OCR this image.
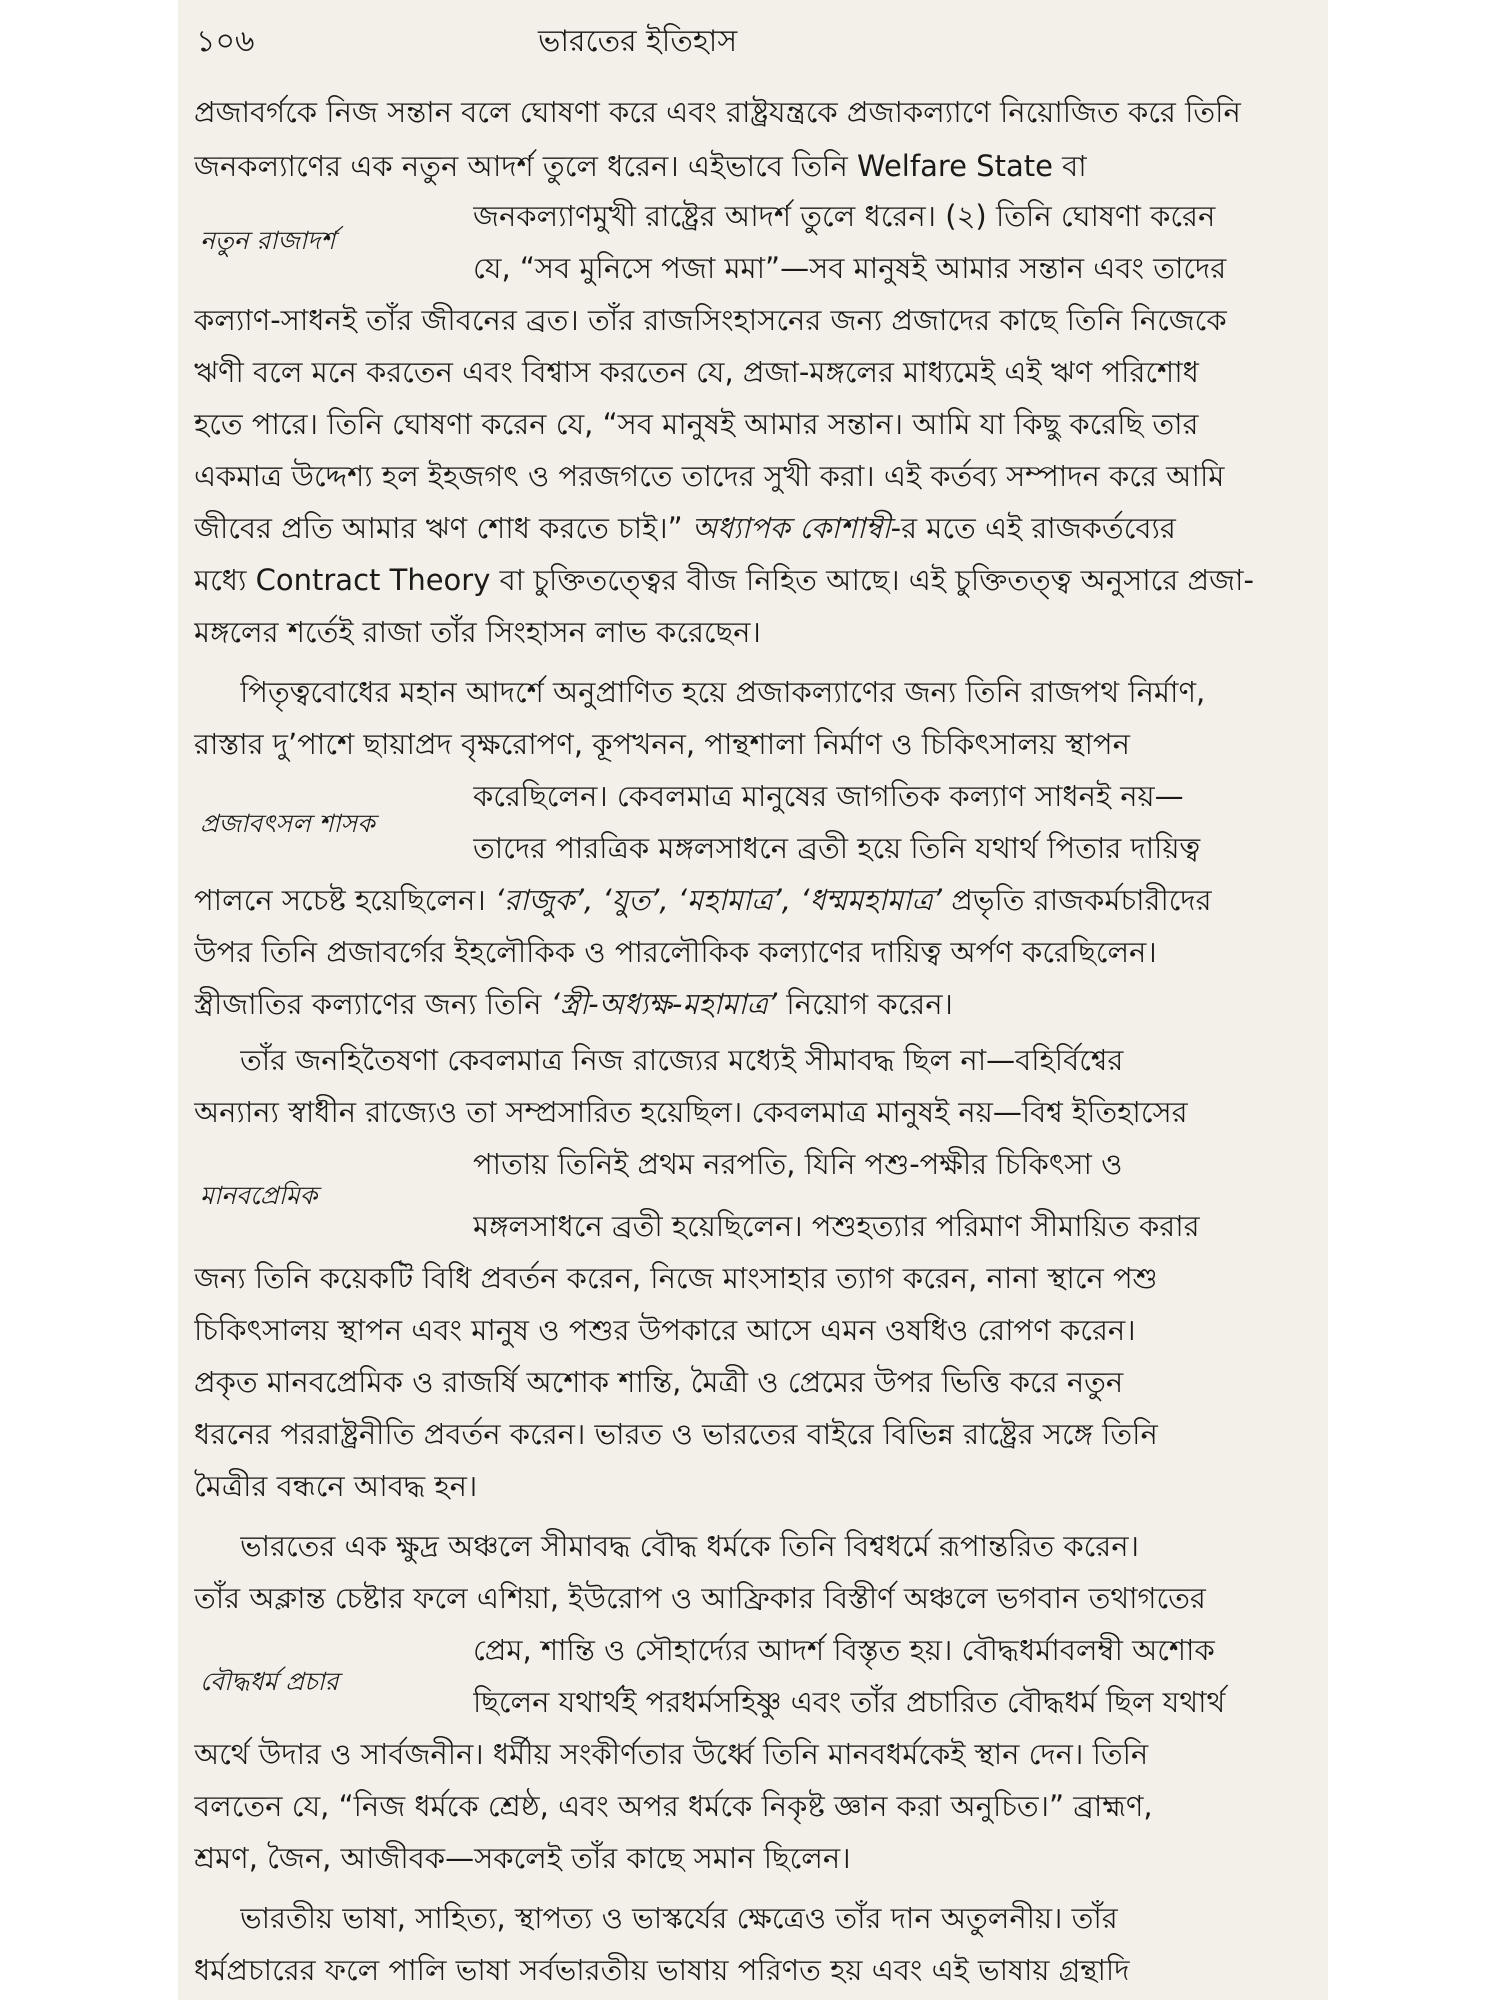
১০৬	ভারতের ইতিহাস
নতুন রাজাদর্শ
প্রজাবৎসল শাসক
মানবপ্রেমিক
বৌদ্ধধর্ম প্রচার
প্রজাবর্গকে নিজ সন্তান বলে ঘোষণা করে এবং রাষ্ট্রযন্ত্রকে প্রজাকল্যাণে নিয়োজিত করে তিনি
জনকল্যাণের এক নতুন আদর্শ তুলে ধরেন। এইভাবে তিনি Welfare State বা
জনকল্যাণমুখী রাষ্ট্রের আদর্শ তুলে ধরেন। (২) তিনি ঘোষণা করেন
যে, “সব মুনিসে পজা মমা”—সব মানুষই আমার সন্তান এবং তাদের
কল্যাণ-সাধনই তাঁর জীবনের ব্রত। তাঁর রাজসিংহাসনের জন্য প্রজাদের কাছে তিনি নিজেকে
ঋণী বলে মনে করতেন এবং বিশ্বাস করতেন যে, প্রজা-মঙ্গলের মাধ্যমেই এই ঋণ পরিশোধ
হতে পারে। তিনি ঘোষণা করেন যে, “সব মানুষই আমার সন্তান। আমি যা কিছু করেছি তার
একমাত্র উদ্দেশ্য হল ইহজগৎ ও পরজগতে তাদের সুখী করা। এই কর্তব্য সম্পাদন করে আমি
জীবের প্রতি আমার ঋণ শোধ করতে চাই।” অধ্যাপক কোশাম্বী-র মতে এই রাজকর্তব্যের
মধ্যে Contract Theory বা চুক্তিতত্ত্বের বীজ নিহিত আছে। এই চুক্তিতত্ত্ব অনুসারে প্রজা-
মঙ্গলের শর্তেই রাজা তাঁর সিংহাসন লাভ করেছেন।
পিতৃত্ববোধের মহান আদর্শে অনুপ্রাণিত হয়ে প্রজাকল্যাণের জন্য তিনি রাজপথ নির্মাণ,
রাস্তার দু’পাশে ছায়াপ্রদ বৃক্ষরোপণ, কূপখনন, পান্থশালা নির্মাণ ও চিকিৎসালয় স্থাপন
করেছিলেন। কেবলমাত্র মানুষের জাগতিক কল্যাণ সাধনই নয়—
তাদের পারত্রিক মঙ্গলসাধনে ব্রতী হয়ে তিনি যথার্থ পিতার দায়িত্ব
পালনে সচেষ্ট হয়েছিলেন। ‘রাজুক’, ‘যুত’, ‘মহামাত্র’, ‘ধম্মমহামাত্র’ প্রভৃতি রাজকর্মচারীদের
উপর তিনি প্রজাবর্গের ইহলৌকিক ও পারলৌকিক কল্যাণের দায়িত্ব অর্পণ করেছিলেন।
স্ত্রীজাতির কল্যাণের জন্য তিনি ‘স্ত্রী-অধ্যক্ষ-মহামাত্র’ নিয়োগ করেন।
তাঁর জনহিতৈষণা কেবলমাত্র নিজ রাজ্যের মধ্যেই সীমাবদ্ধ ছিল না—বহির্বিশ্বের
অন্যান্য স্বাধীন রাজ্যেও তা সম্প্রসারিত হয়েছিল। কেবলমাত্র মানুষই নয়—বিশ্ব ইতিহাসের
পাতায় তিনিই প্রথম নরপতি, যিনি পশু-পক্ষীর চিকিৎসা ও
মঙ্গলসাধনে ব্রতী হয়েছিলেন। পশুহত্যার পরিমাণ সীমায়িত করার
জন্য তিনি কয়েকটি বিধি প্রবর্তন করেন, নিজে মাংসাহার ত্যাগ করেন, নানা স্থানে পশু
চিকিৎসালয় স্থাপন এবং মানুষ ও পশুর উপকারে আসে এমন ওষধিও রোপণ করেন।
প্রকৃত মানবপ্রেমিক ও রাজর্ষি অশোক শান্তি, মৈত্রী ও প্রেমের উপর ভিত্তি করে নতুন
ধরনের পররাষ্ট্রনীতি প্রবর্তন করেন। ভারত ও ভারতের বাইরে বিভিন্ন রাষ্ট্রের সঙ্গে তিনি
মৈত্রীর বন্ধনে আবদ্ধ হন।
ভারতের এক ক্ষুদ্র অঞ্চলে সীমাবদ্ধ বৌদ্ধ ধর্মকে তিনি বিশ্বধর্মে রূপান্তরিত করেন।
তাঁর অক্লান্ত চেষ্টার ফলে এশিয়া, ইউরোপ ও আফ্রিকার বিস্তীর্ণ অঞ্চলে ভগবান তথাগতের
প্রেম, শান্তি ও সৌহার্দ্যের আদর্শ বিস্তৃত হয়। বৌদ্ধধর্মাবলম্বী অশোক
ছিলেন যথার্থই পরধর্মসহিষ্ণু এবং তাঁর প্রচারিত বৌদ্ধধর্ম ছিল যথার্থ
অর্থে উদার ও সার্বজনীন। ধর্মীয় সংকীর্ণতার উর্ধ্বে তিনি মানবধর্মকেই স্থান দেন। তিনি
বলতেন যে, “নিজ ধর্মকে শ্রেষ্ঠ, এবং অপর ধর্মকে নিকৃষ্ট জ্ঞান করা অনুচিত।” ব্রাহ্মণ,
শ্রমণ, জৈন, আজীবক—সকলেই তাঁর কাছে সমান ছিলেন।
ভারতীয় ভাষা, সাহিত্য, স্থাপত্য ও ভাস্কর্যের ক্ষেত্রেও তাঁর দান অতুলনীয়। তাঁর
ধর্মপ্রচারের ফলে পালি ভাষা সর্বভারতীয় ভাষায় পরিণত হয় এবং এই ভাষায় গ্রন্থাদি
